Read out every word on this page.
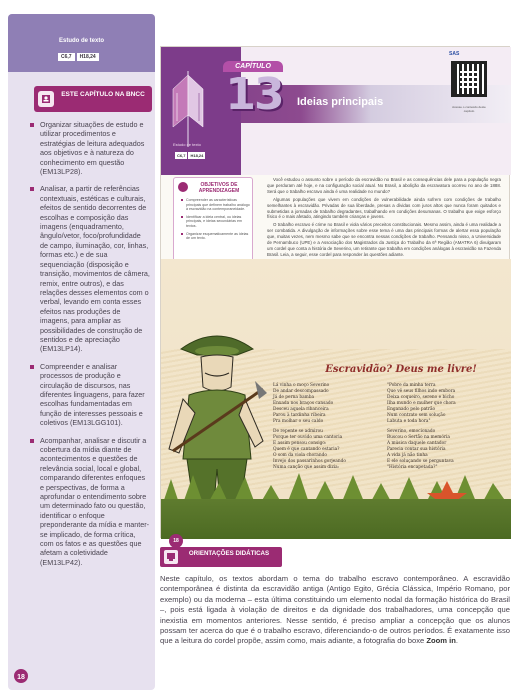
Estudo de texto
C6,7 H18,24
ESTE CAPÍTULO NA BNCC
Organizar situações de estudo e utilizar procedimentos e estratégias de leitura adequados aos objetivos e à natureza do conhecimento em questão (EM13LP28).
Analisar, a partir de referências contextuais, estéticas e culturais, efeitos de sentido decorrentes de escolhas e composição das imagens (enquadramento, ângulo/vetor, foco/profundidade de campo, iluminação, cor, linhas, formas etc.) e de sua sequenciação (disposição e transição, movimentos de câmera, remix, entre outros), e das relações desses elementos com o verbal, levando em conta esses efeitos nas produções de imagens, para ampliar as possibilidades de construção de sentidos e de apreciação (EM13LP14).
Compreender e analisar processos de produção e circulação de discursos, nas diferentes linguagens, para fazer escolhas fundamentadas em função de interesses pessoais e coletivos (EM13LGG101).
Acompanhar, analisar e discutir a cobertura da mídia diante de acontecimentos e questões de relevância social, local e global, comparando diferentes enfoques e perspectivas, de forma a aprofundar o entendimento sobre um determinado fato ou questão, identificar o enfoque preponderante da mídia e manter-se implicado, de forma crítica, com os fatos e as questões que afetam a coletividade (EM13LP42).
18
Estudo de texto
C6,7 H18,24
CAPÍTULO
13	Ideias principais
SAS
Acesse o conteúdo deste capítulo
OBJETIVOS DE APRENDIZAGEM
Compreender as características principais que definem trabalho análogo à escravidão na contemporaneidade.
Identificar a ideia central, ou ideias principais, e ideias secundárias em textos.
Organizar esquematicamente as ideias de um texto.

Você estudou o assunto sobre o período da escravidão no Brasil e as consequências dele para a população negra que perduram até hoje, e na configuração social atual. No Brasil, a abolição da escravatura ocorreu no ano de 1888. Será que o trabalho escravo ainda é uma realidade no mundo?

Algumas populações que vivem em condições de vulnerabilidade ainda sofrem com condições de trabalho semelhantes à escravidão. Privadas de sua liberdade, presas a dívidas com juros altos que nunca foram quitados e submetidas a jornadas de trabalho degradantes, trabalhando em condições desumanas. O trabalho que exige esforço físico é o mais afetado, atingindo também crianças e jovens.

O trabalho escravo é crime no Brasil e viola vários preceitos constitucionais. Mesmo assim, ainda é uma realidade a ser combatida. A divulgação de informações sobre esse tema é uma das principais formas de alertar essa população que, muitas vezes, nem mesmo sabe que se encontra nessas condições de trabalho. Pensando nisso, a Universidade de Pernambuco (UPE) e a Associação dos Magistrados da Justiça do Trabalho da 6ª Região (AMATRA 6) divulgaram um cordel que conta a história de Severino, um retirante que trabalha em condições análogas à escravidão na Fazenda Brasil. Leia, a seguir, esse cordel para responder às questões adiante.

Escravidão? Deus me livre!
Lá vinha o moço Severino
De andar descompassado
Já de perna bamba
Enxada nos braços cansado
Desceu aquela ribanceira
Parou à tardinha ribeira
Pra molhar o seu caldo
De repente se admirou
Porque ter ouvido uma cantoria
E assim pensou consigo:
Quem é que cantando estaria?
O som da viola chorando
Invejo dos passarinhos gorjeando
Numa canção que assim dizia:
"Pobre da minha terra
Que vê seus filhos indo embora
Deixa coqueiro, sereno e bicho
Ilha mundo e mulher que chora
Enganado pelo patrão
Num contrato sem solução
Labuta e toda hora"
Severino, emocionado
Buscou o Sertão na memória
A música daquele cantador
Parecia contar sua história
A vida já não tinha
E ele soluçando se perguntava
"História encapetada?"
18
ORIENTAÇÕES DIDÁTICAS
Neste capítulo, os textos abordam o tema do trabalho escravo contemporâneo. A escravidão contemporânea é distinta da escravidão antiga (Antigo Egito, Grécia Clássica, Império Romano, por exemplo) ou da moderna – esta última constituindo um elemento nodal da formação histórica do Brasil –, pois está ligada à violação de direitos e da dignidade dos trabalhadores, uma concepção que inexistia em momentos anteriores. Nesse sentido, é preciso ampliar a concepção que os alunos possam ter acerca do que é o trabalho escravo, diferenciando-o de outros períodos. É exatamente isso que a leitura do cordel propõe, assim como, mais adiante, a fotografia do boxe Zoom in.
